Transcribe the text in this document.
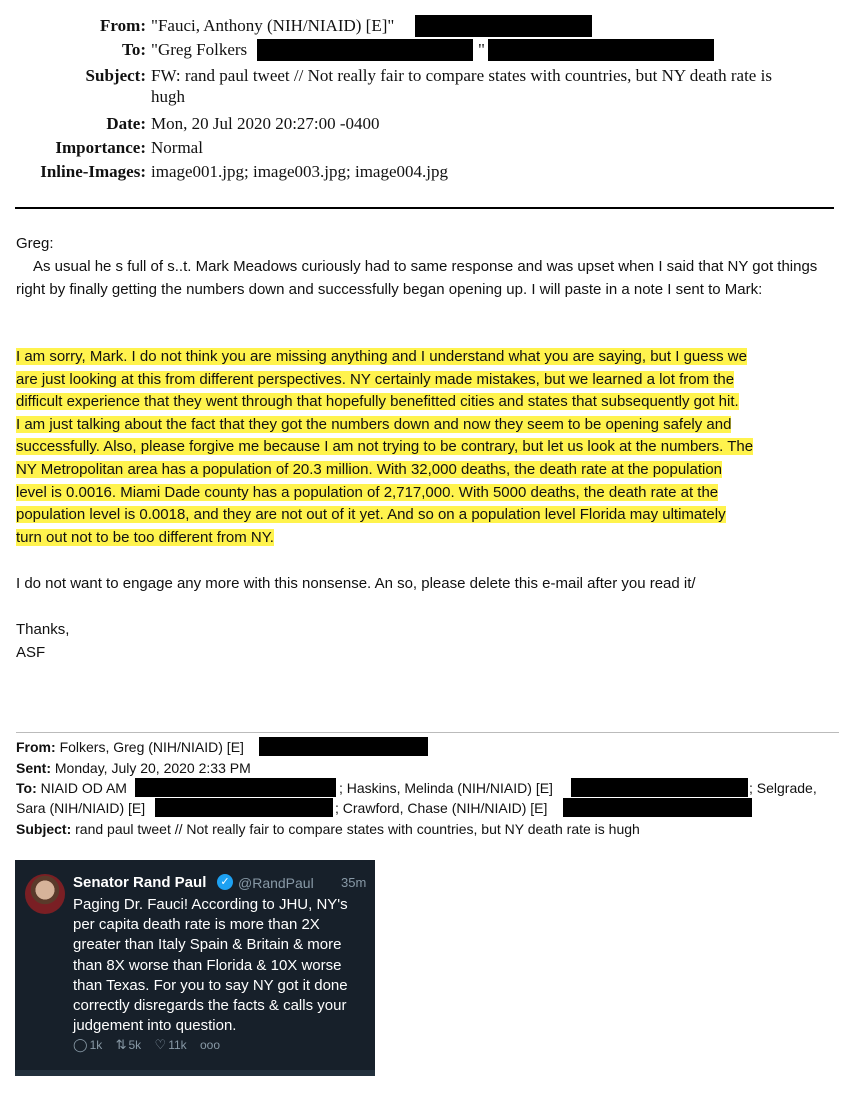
From: "Fauci, Anthony (NIH/NIAID) [E]"
To: "Greg Folkers	"
Subject: FW: rand paul tweet // Not really fair to compare states with countries, but NY death rate is
hugh
Date: Mon, 20 Jul 2020 20:27:00 -0400
Importance: Normal
Inline-Images: image001.jpg; image003.jpg; image004.jpg
Greg:
As usual he s full of s..t. Mark Meadows curiously had to same response and was upset when I said that NY got things right by finally getting the numbers down and successfully began opening up. I will paste in a note I sent to Mark:
I am sorry, Mark. I do not think you are missing anything and I understand what you are saying, but I guess we
are just looking at this from different perspectives. NY certainly made mistakes, but we learned a lot from the
difficult experience that they went through that hopefully benefitted cities and states that subsequently got hit.
I am just talking about the fact that they got the numbers down and now they seem to be opening safely and
successfully. Also, please forgive me because I am not trying to be contrary, but let us look at the numbers. The
NY Metropolitan area has a population of 20.3 million. With 32,000 deaths, the death rate at the population
level is 0.0016. Miami Dade county has a population of 2,717,000. With 5000 deaths, the death rate at the
population level is 0.0018, and they are not out of it yet. And so on a population level Florida may ultimately
turn out not to be too different from NY.
I do not want to engage any more with this nonsense. An so, please delete this e-mail after you read it/
Thanks,
ASF
From: Folkers, Greg (NIH/NIAID) [E]
Sent: Monday, July 20, 2020 2:33 PM
To: NIAID OD AM	; Haskins, Melinda (NIH/NIAID) [E]	; Selgrade,
Sara (NIH/NIAID) [E]	; Crawford, Chase (NIH/NIAID) [E]
Subject: rand paul tweet // Not really fair to compare states with countries, but NY death rate is hugh
Senator Rand Paul	✓ @RandPaul 35m
Paging Dr. Fauci! According to JHU, NY's
per capita death rate is more than 2X
greater than Italy Spain & Britain & more
than 8X worse than Florida & 10X worse
than Texas. For you to say NY got it done
correctly disregards the facts & calls your
judgement into question.
◯ 1k ⇅ 5k ♡ 11k ooo
